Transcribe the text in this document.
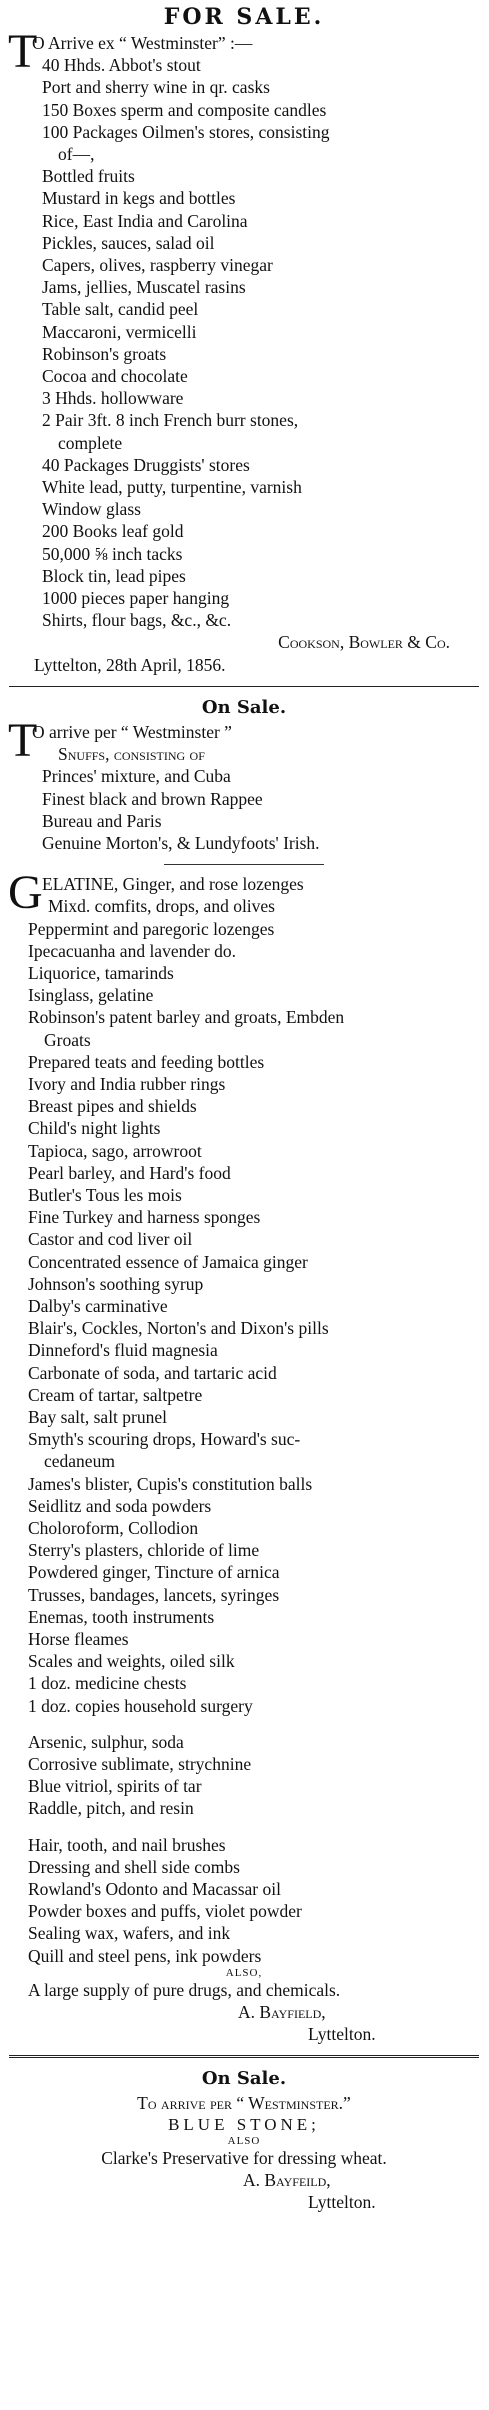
FOR SALE.
T
O Arrive ex “ Westminster” :—
40 Hhds. Abbot's stout
Port and sherry wine in qr. casks
150 Boxes sperm and composite candles
100 Packages Oilmen's stores, consisting
of—,
Bottled fruits
Mustard in kegs and bottles
Rice, East India and Carolina
Pickles, sauces, salad oil
Capers, olives, raspberry vinegar
Jams, jellies, Muscatel rasins
Table salt, candid peel
Maccaroni, vermicelli
Robinson's groats
Cocoa and chocolate
3 Hhds. hollowware
2 Pair 3ft. 8 inch French burr stones,
complete
40 Packages Druggists' stores
White lead, putty, turpentine, varnish
Window glass
200 Books leaf gold
50,000 ⅝ inch tacks
Block tin, lead pipes
1000 pieces paper hanging
Shirts, flour bags, &c., &c.
Cookson, Bowler & Co.
Lyttelton, 28th April, 1856.
On Sale.
T
O arrive per “ Westminster ”
Snuffs, consisting of
Princes' mixture, and Cuba
Finest black and brown Rappee
Bureau and Paris
Genuine Morton's, & Lundyfoots' Irish.
G ELATINE, Ginger, and rose lozenges
Mixd. comfits, drops, and olives
Peppermint and paregoric lozenges
Ipecacuanha and lavender do.
Liquorice, tamarinds
Isinglass, gelatine
Robinson's patent barley and groats, Embden
Groats
Prepared teats and feeding bottles
Ivory and India rubber rings
Breast pipes and shields
Child's night lights
Tapioca, sago, arrowroot
Pearl barley, and Hard's food
Butler's Tous les mois
Fine Turkey and harness sponges
Castor and cod liver oil
Concentrated essence of Jamaica ginger
Johnson's soothing syrup
Dalby's carminative
Blair's, Cockles, Norton's and Dixon's pills
Dinneford's fluid magnesia
Carbonate of soda, and tartaric acid
Cream of tartar, saltpetre
Bay salt, salt prunel
Smyth's scouring drops, Howard's suc-
cedaneum
James's blister, Cupis's constitution balls
Seidlitz and soda powders
Choloroform, Collodion
Sterry's plasters, chloride of lime
Powdered ginger, Tincture of arnica
Trusses, bandages, lancets, syringes
Enemas, tooth instruments
Horse fleames
Scales and weights, oiled silk
1 doz. medicine chests
1 doz. copies household surgery
Arsenic, sulphur, soda
Corrosive sublimate, strychnine
Blue vitriol, spirits of tar
Raddle, pitch, and resin
Hair, tooth, and nail brushes
Dressing and shell side combs
Rowland's Odonto and Macassar oil
Powder boxes and puffs, violet powder
Sealing wax, wafers, and ink
Quill and steel pens, ink powders
ALSO,
A large supply of pure drugs, and chemicals.
A. Bayfield,
Lyttelton.
On Sale.
To arrive per “ Westminster.”
BLUE STONE;
ALSO
Clarke's Preservative for dressing wheat.
A. Bayfeild,
Lyttelton.
